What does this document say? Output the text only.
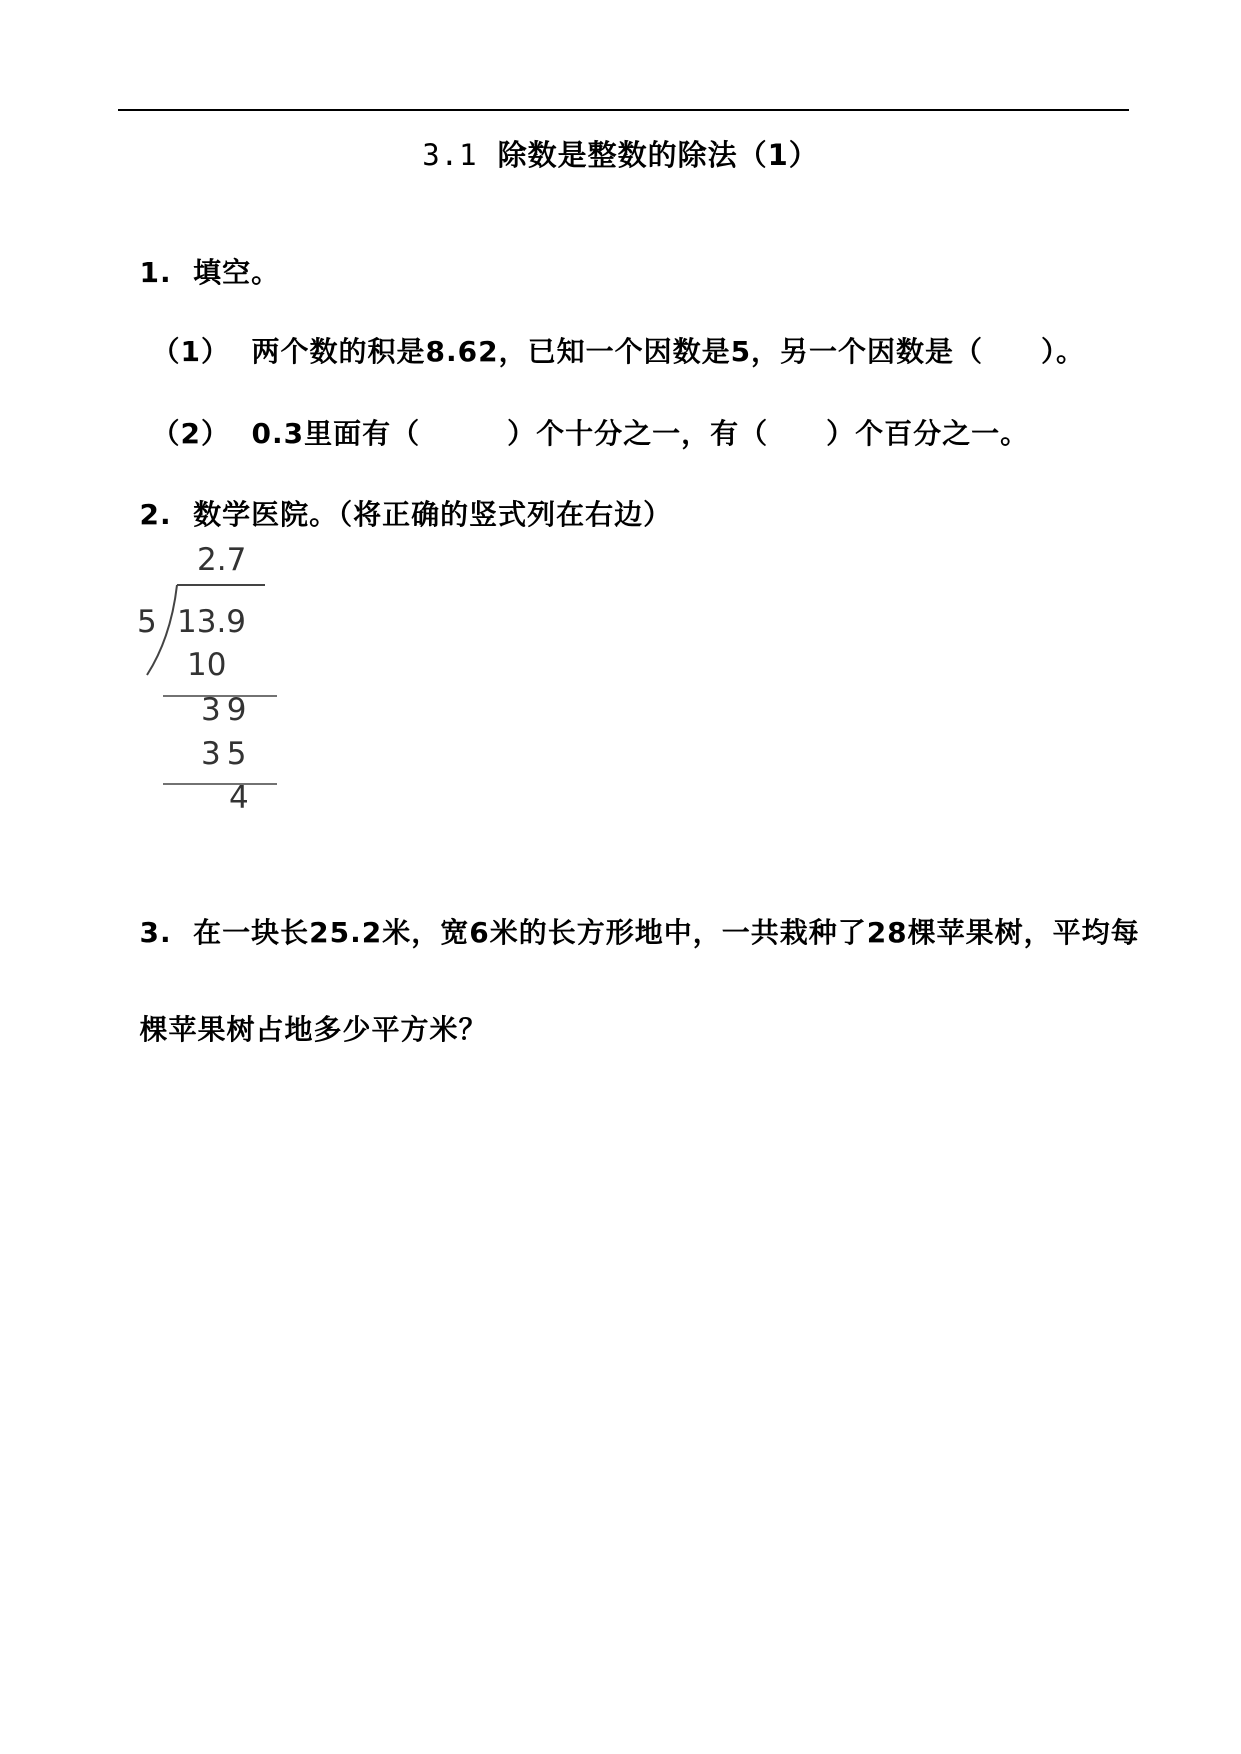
3.1 除数是整数的除法（1）

1. 填空。

（1） 两个数的积是8.62，已知一个因数是5，另一个因数是（　　）。

（2） 0.3里面有（　　　）个十分之一，有（　　）个百分之一。

2. 数学医院。（将正确的竖式列在右边）

2.7
5 13.9
10
39
35
4

3. 在一块长25.2米，宽6米的长方形地中，一共栽种了28棵苹果树，平均每

棵苹果树占地多少平方米？
